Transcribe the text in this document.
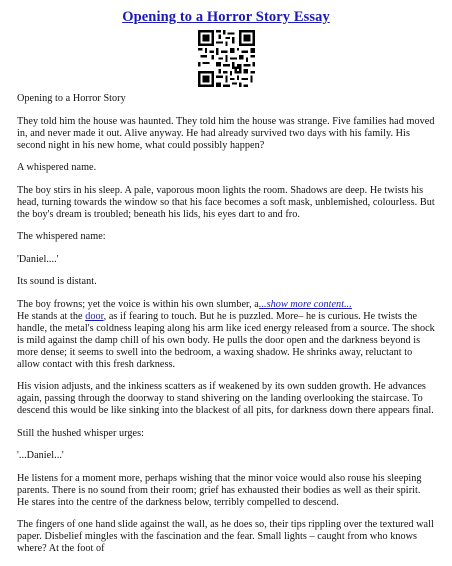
Opening to a Horror Story Essay

Opening to a Horror Story

They told him the house was haunted. They told him the house was strange. Five families had moved in, and never made it out. Alive anyway. He had already survived two days with his family. His second night in his new home, what could possibly happen?

A whispered name.

The boy stirs in his sleep. A pale, vaporous moon lights the room. Shadows are deep. He twists his head, turning towards the window so that his face becomes a soft mask, unblemished, colourless. But the boy's dream is troubled; beneath his lids, his eyes dart to and fro.

The whispered name:

'Daniel....'

Its sound is distant.

The boy frowns; yet the voice is within his own slumber, a...show more content...
He stands at the door, as if fearing to touch. But he is puzzled. More– he is curious. He twists the handle, the metal's coldness leaping along his arm like iced energy released from a source. The shock is mild against the damp chill of his own body. He pulls the door open and the darkness beyond is more dense; it seems to swell into the bedroom, a waxing shadow. He shrinks away, reluctant to allow contact with this fresh darkness.

His vision adjusts, and the inkiness scatters as if weakened by its own sudden growth. He advances again, passing through the doorway to stand shivering on the landing overlooking the staircase. To descend this would be like sinking into the blackest of all pits, for darkness down there appears final.

Still the hushed whisper urges:

'...Daniel...'

He listens for a moment more, perhaps wishing that the minor voice would also rouse his sleeping parents. There is no sound from their room; grief has exhausted their bodies as well as their spirit. He stares into the centre of the darkness below, terribly compelled to descend.

The fingers of one hand slide against the wall, as he does so, their tips rippling over the textured wall paper. Disbelief mingles with the fascination and the fear. Small lights – caught from who knows where? At the foot of
